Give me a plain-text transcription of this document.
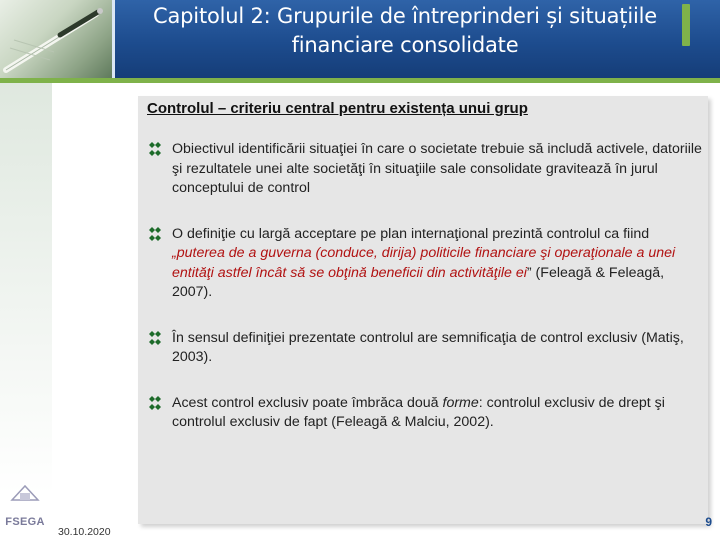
Capitolul 2: Grupurile de întreprinderi și situațiile
financiare consolidate
Controlul – criteriu central pentru existența unui grup
Obiectivul identificării situaţiei în care o societate trebuie să includă activele, datoriile şi rezultatele unei alte societăţi în situaţiile sale consolidate gravitează în jurul conceptului de control
O definiţie cu largă acceptare pe plan internaţional prezintă controlul ca fiind „puterea de a guverna (conduce, dirija) politicile financiare şi operaţionale a unei entităţi astfel încât să se obţină beneficii din activităţile ei” (Feleagă & Feleagă, 2007).
În sensul definiţiei prezentate controlul are semnificaţia de control exclusiv (Matiş, 2003).
Acest control exclusiv poate îmbrăca două forme: controlul exclusiv de drept şi controlul exclusiv de fapt (Feleagă & Malciu, 2002).
FSEGA
30.10.2020
9
